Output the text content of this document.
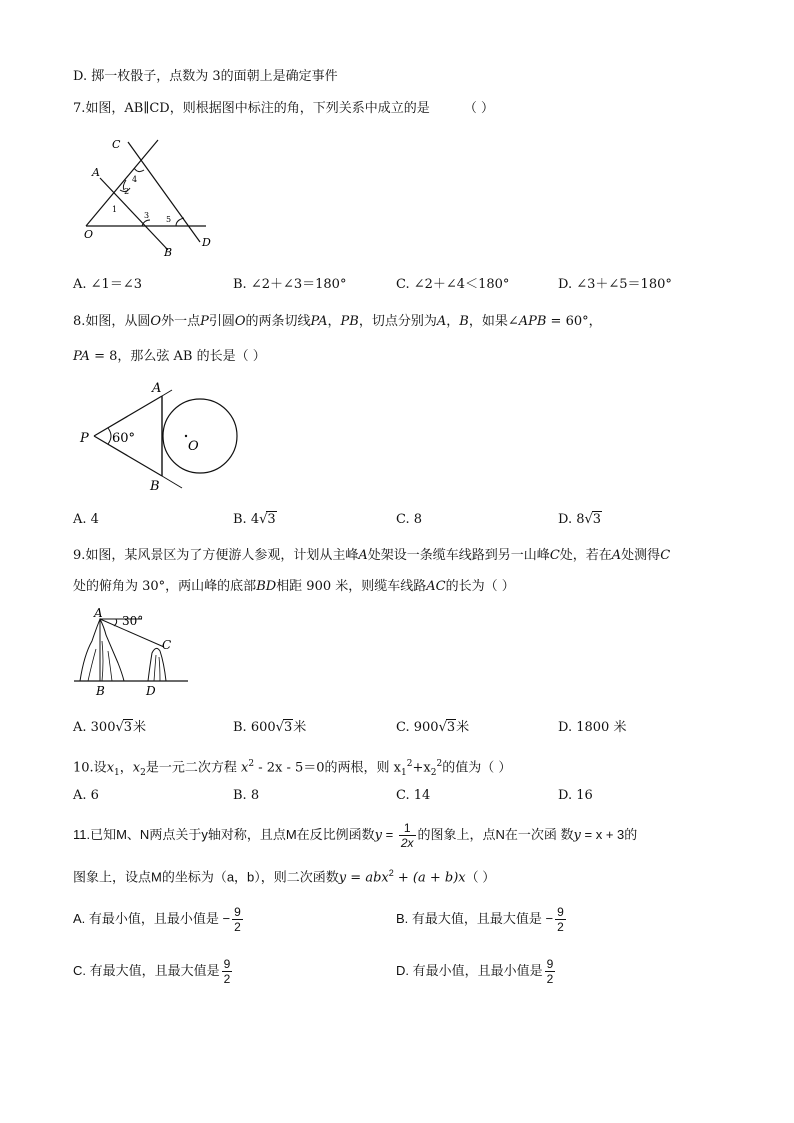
D. 掷一枚骰子，点数为 3的面朝上是确定事件
7.如图，AB∥CD，则根据图中标注的角，下列关系中成立的是	（ ）
C
A
O
B
D
1
2
3
4
5
A. ∠1＝∠3	B. ∠2＋∠3＝180°	C. ∠2＋∠4＜180°	D. ∠3＋∠5＝180°
8.如图，从圆O外一点P引圆O的两条切线PA，PB，切点分别为A，B，如果∠APB = 60°，
PA = 8，那么弦 AB 的长是（ ）
A
P
B
O
60°
A. 4	B. 4√3	C. 8	D. 8√3
9.如图，某风景区为了方便游人参观，计划从主峰A处架设一条缆车线路到另一山峰C处，若在A处测得C
处的俯角为 30°，两山峰的底部BD相距 900 米，则缆车线路AC的长为（ ）
A
30°
C
B	D
A. 300√3米	B. 600√3米	C. 900√3米	D. 1800 米
10.设$x_1$，$x_2$是一元二次方程 $x^2 - 2x - 5=0$的两根，则 $x_1^2+x_2^2$的值为（ ）
A. 6	B. 8	C. 14	D. 16
11.已知M、N两点关于y轴对称，且点M在反比例函数$y = \frac{1}{2x}$ 的图象上，点N在一次函 数y = x + 3的
图象上，设点M的坐标为（a，b），则二次函数y = abx$^2$ + (a + b)x（ ）
A. 有最小值，且最小值是 − $\frac{9}{2}$	B. 有最大值，且最大值是 − $\frac{9}{2}$
C. 有最大值，且最大值是 $\frac{9}{2}$	D. 有最小值，且最小值是 $\frac{9}{2}$
